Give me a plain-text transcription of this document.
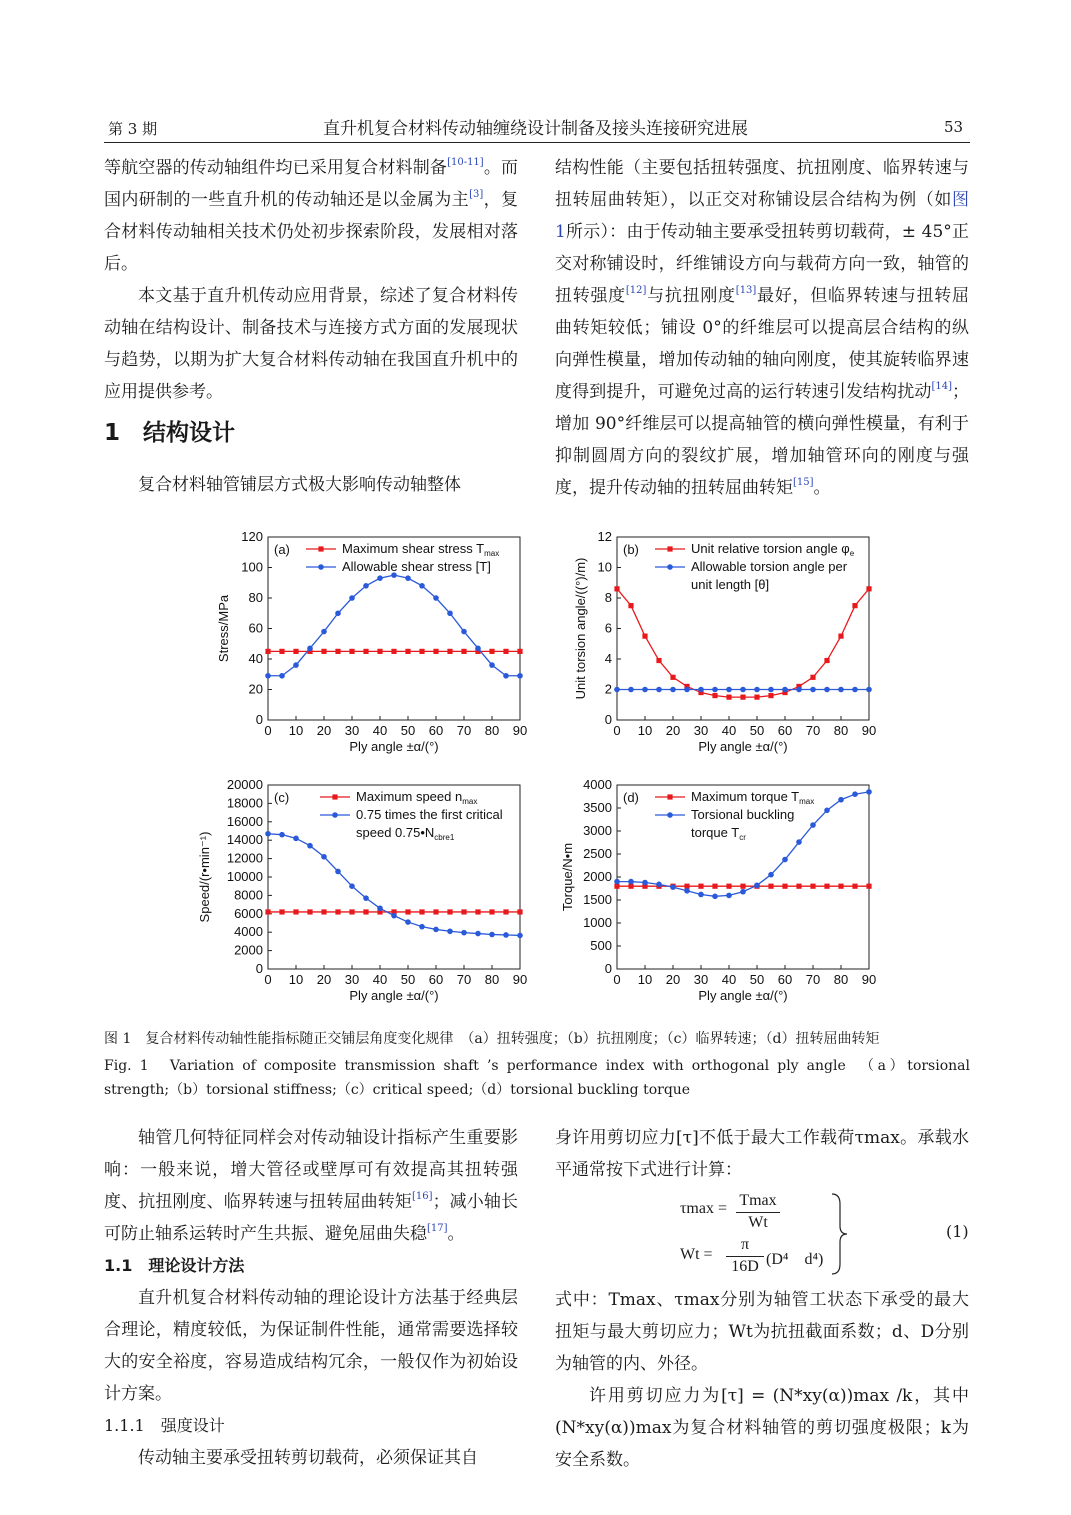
第 3 期	直升机复合材料传动轴缠绕设计制备及接头连接研究进展	53

等航空器的传动轴组件均已采用复合材料制备[10-11]。而国内研制的一些直升机的传动轴还是以金属为主[3]，复合材料传动轴相关技术仍处初步探索阶段，发展相对落后。

本文基于直升机传动应用背景，综述了复合材料传动轴在结构设计、制备技术与连接方式方面的发展现状与趋势，以期为扩大复合材料传动轴在我国直升机中的应用提供参考。

1　结构设计

复合材料轴管铺层方式极大影响传动轴整体

结构性能（主要包括扭转强度、抗扭刚度、临界转速与扭转屈曲转矩），以正交对称铺设层合结构为例（如图 1所示）：由于传动轴主要承受扭转剪切载荷，± 45°正交对称铺设时，纤维铺设方向与载荷方向一致，轴管的扭转强度[12]与抗扭刚度[13]最好，但临界转速与扭转屈曲转矩较低；铺设 0°的纤维层可以提高层合结构的纵向弹性模量，增加传动轴的轴向刚度，使其旋转临界速度得到提升，可避免过高的运行转速引发结构扰动[14]；增加 90°纤维层可以提高轴管的横向弹性模量，有利于抑制圆周方向的裂纹扩展，增加轴管环向的刚度与强度，提升传动轴的扭转屈曲转矩[15]。

0 10 20 30 40 50 60 70 80 90
0
20
40
60
80
100
120
Ply angle ±α/(°)
Stress/MPa
(a)	Maximum shear stress $T_{max}$
Allowable shear stress [T]
0 10 20 30 40 50 60 70 80 90
0
2
4
6
8
10
12
Ply angle ±α/(°)
Unit torsion angle/((°)/m)
(b)	Unit relative torsion angle $\varphi_e$
Allowable torsion angle per
unit length [θ]
0 10 20 30 40 50 60 70 80 90
0
2000
4000
6000
8000
10000
12000
14000
16000
18000
20000
Ply angle ±α/(°)
Speed/(r•min⁻¹)
(c)	Maximum speed $n_{max}$
0.75 times the first critical
speed $0.75•N_{cbre1}$
0 10 20 30 40 50 60 70 80 90
0
500
1000
1500
2000
2500
3000
3500
4000
Ply angle ±α/(°)
Torque/N•m
(d)	Maximum torque $T_{max}$
Torsional buckling
torque $T_{cr}$
图 1　复合材料传动轴性能指标随正交铺层角度变化规律　（a）扭转强度；（b）抗扭刚度；（c）临界转速；（d）扭转屈曲转矩
Fig. 1　Variation of composite transmission shaft ’s performance index with orthogonal ply angle　（a）torsional strength;（b）torsional stiffness;（c）critical speed;（d）torsional buckling torque

轴管几何特征同样会对传动轴设计指标产生重要影响：一般来说，增大管径或壁厚可有效提高其扭转强度、抗扭刚度、临界转速与扭转屈曲转矩[16]；减小轴长可防止轴系运转时产生共振、避免屈曲失稳[17]。

1.1　理论设计方法

直升机复合材料传动轴的理论设计方法基于经典层合理论，精度较低，为保证制件性能，通常需要选择较大的安全裕度，容易造成结构冗余，一般仅作为初始设计方案。

1.1.1　强度设计

传动轴主要承受扭转剪切载荷，必须保证其自

身许用剪切应力[τ]不低于最大工作载荷τmax。承载水平通常按下式进行计算：

τmax = Tmax
Wt
Wt =
π
16D (D⁴　d⁴)
(1)

式中：Tmax、τmax分别为轴管工状态下承受的最大扭矩与最大剪切应力；Wt为抗扭截面系数；d、D分别为轴管的内、外径。

许用剪切应力为[τ] = (N*xy(α))max /k，其中(N*xy(α))max为复合材料轴管的剪切强度极限；k为安全系数。
